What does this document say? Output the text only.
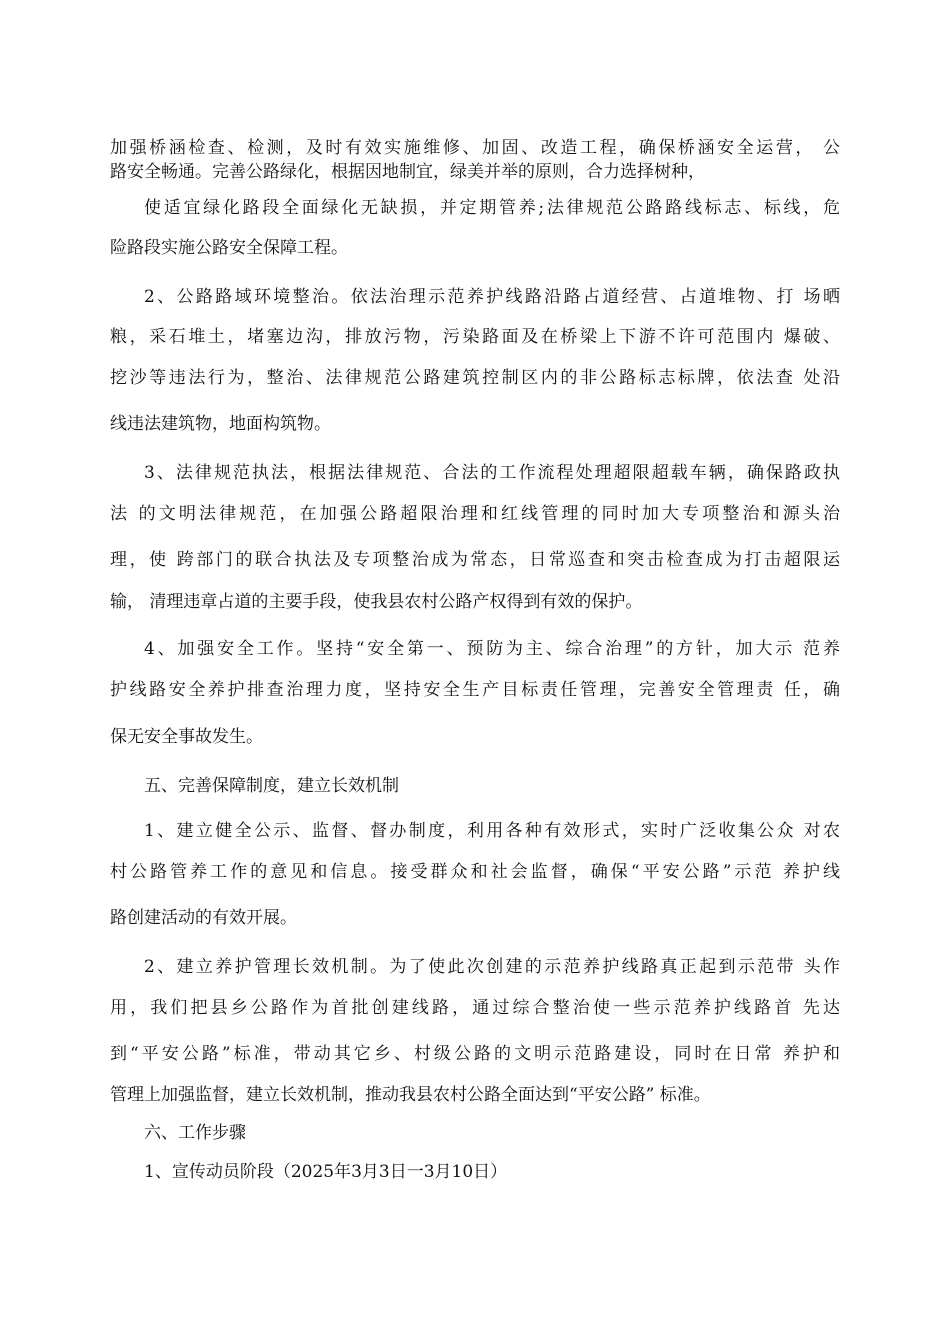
加强桥涵检查、检测，及时有效实施维修、加固、改造工程，确保桥涵安全运营， 公
路安全畅通。完善公路绿化，根据因地制宜，绿美并举的原则，合力选择树种，
使适宜绿化路段全面绿化无缺损，并定期管养;法律规范公路路线标志、标线，危
险路段实施公路安全保障工程。
2、公路路域环境整治。依法治理示范养护线路沿路占道经营、占道堆物、打 场晒
粮，采石堆土，堵塞边沟，排放污物，污染路面及在桥梁上下游不许可范围内 爆破、
挖沙等违法行为，整治、法律规范公路建筑控制区内的非公路标志标牌，依法查 处沿
线违法建筑物，地面构筑物。
3、法律规范执法，根据法律规范、合法的工作流程处理超限超载车辆，确保路政执
法 的文明法律规范，在加强公路超限治理和红线管理的同时加大专项整治和源头治
理，使 跨部门的联合执法及专项整治成为常态，日常巡查和突击检查成为打击超限运
输， 清理违章占道的主要手段，使我县农村公路产权得到有效的保护。
4、加强安全工作。坚持“安全第一、预防为主、综合治理”的方针，加大示 范养
护线路安全养护排查治理力度，坚持安全生产目标责任管理，完善安全管理责 任，确
保无安全事故发生。
五、完善保障制度，建立长效机制
1、建立健全公示、监督、督办制度，利用各种有效形式，实时广泛收集公众 对农
村公路管养工作的意见和信息。接受群众和社会监督，确保“平安公路”示范 养护线
路创建活动的有效开展。
2、建立养护管理长效机制。为了使此次创建的示范养护线路真正起到示范带 头作
用，我们把县乡公路作为首批创建线路，通过综合整治使一些示范养护线路首 先达
到“平安公路”标准，带动其它乡、村级公路的文明示范路建设，同时在日常 养护和
管理上加强监督，建立长效机制，推动我县农村公路全面达到“平安公路” 标准。
六、工作步骤
1、宣传动员阶段（2025年3月3日一3月10日）
